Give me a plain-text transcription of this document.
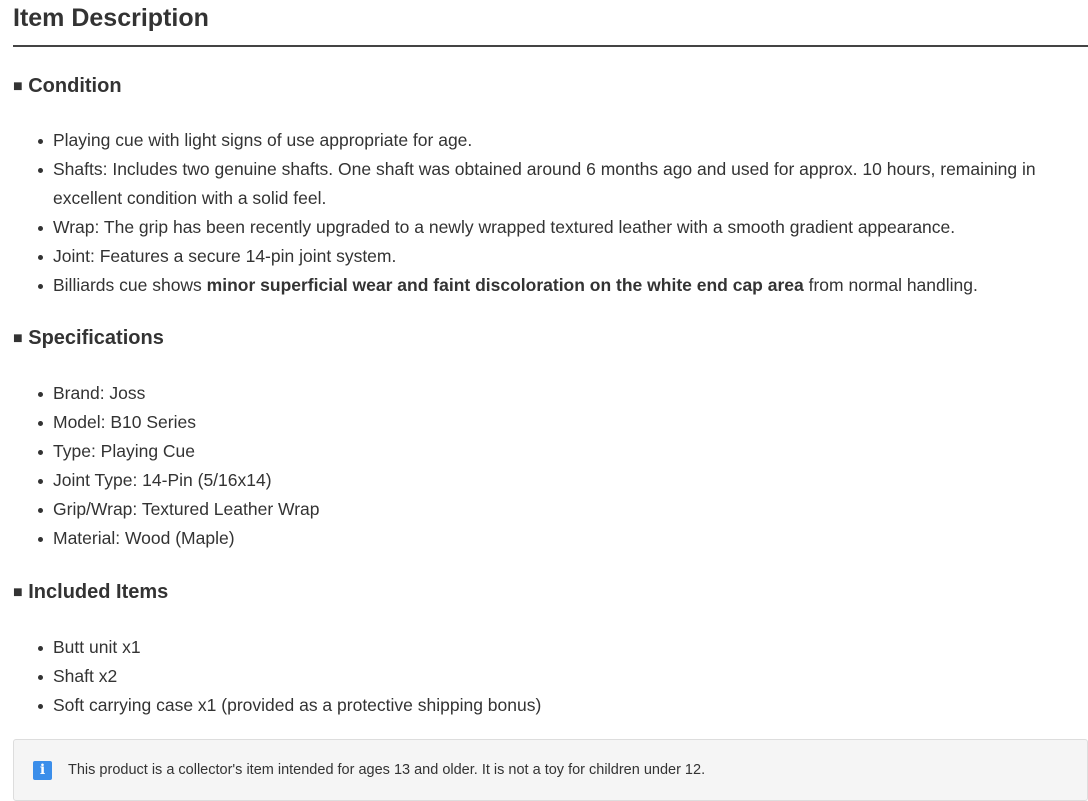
Item Description
■ Condition
Playing cue with light signs of use appropriate for age.
Shafts: Includes two genuine shafts. One shaft was obtained around 6 months ago and used for approx. 10 hours, remaining in excellent condition with a solid feel.
Wrap: The grip has been recently upgraded to a newly wrapped textured leather with a smooth gradient appearance.
Joint: Features a secure 14-pin joint system.
Billiards cue shows minor superficial wear and faint discoloration on the white end cap area from normal handling.
■ Specifications
Brand: Joss
Model: B10 Series
Type: Playing Cue
Joint Type: 14-Pin (5/16x14)
Grip/Wrap: Textured Leather Wrap
Material: Wood (Maple)
■ Included Items
Butt unit x1
Shaft x2
Soft carrying case x1 (provided as a protective shipping bonus)
i	This product is a collector's item intended for ages 13 and older. It is not a toy for children under 12.
